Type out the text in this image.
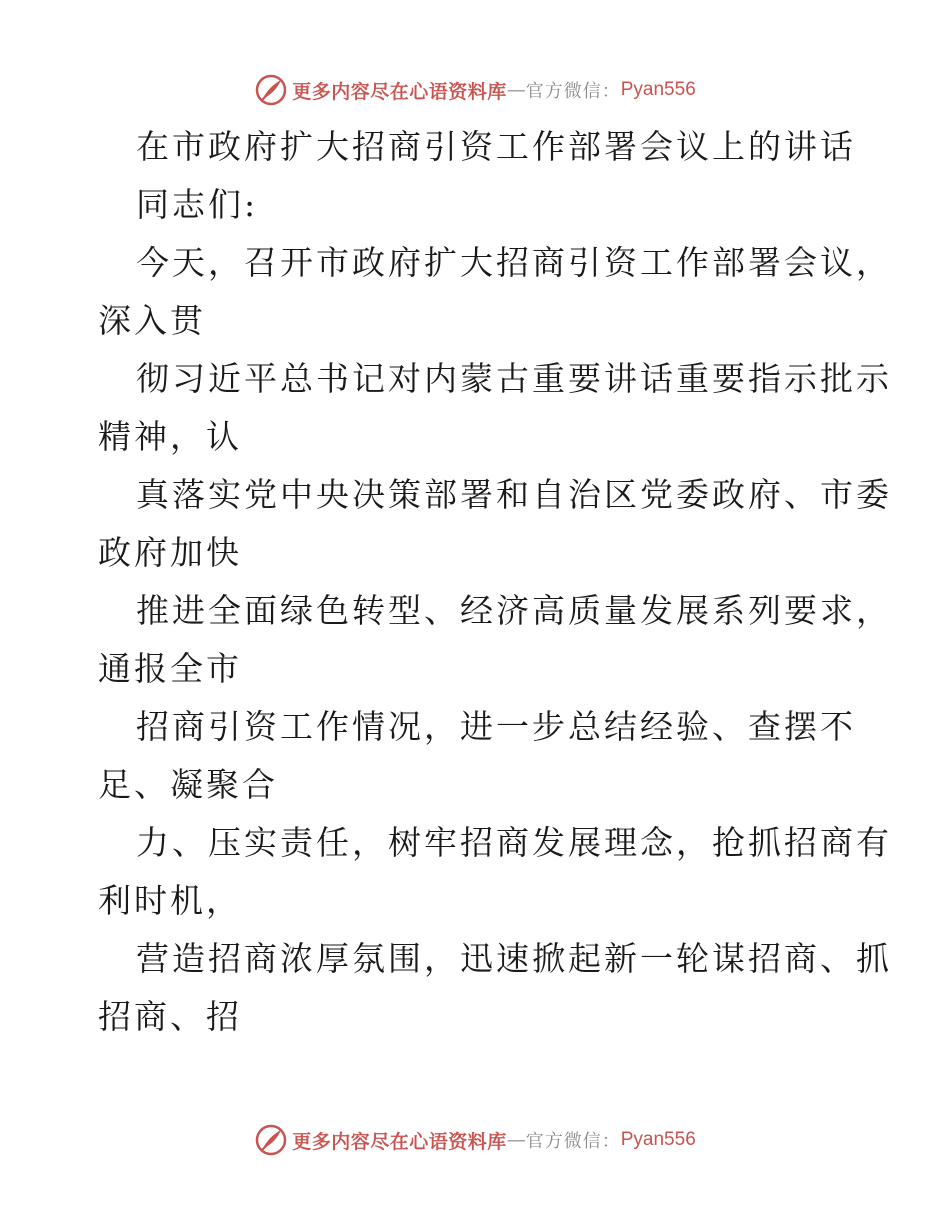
更多内容尽在心语资料库 — 官方微信： Pyan556

在市政府扩大招商引资工作部署会议上的讲话

同志们:

今天，召开市政府扩大招商引资工作部署会议，

深入贯

彻习近平总书记对内蒙古重要讲话重要指示批示

精神，认

真落实党中央决策部署和自治区党委政府、市委

政府加快

推进全面绿色转型、经济高质量发展系列要求，

通报全市

招商引资工作情况，进一步总结经验、查摆不

足、凝聚合

力、压实责任，树牢招商发展理念，抢抓招商有

利时机，

营造招商浓厚氛围，迅速掀起新一轮谋招商、抓

招商、招

更多内容尽在心语资料库 — 官方微信： Pyan556
